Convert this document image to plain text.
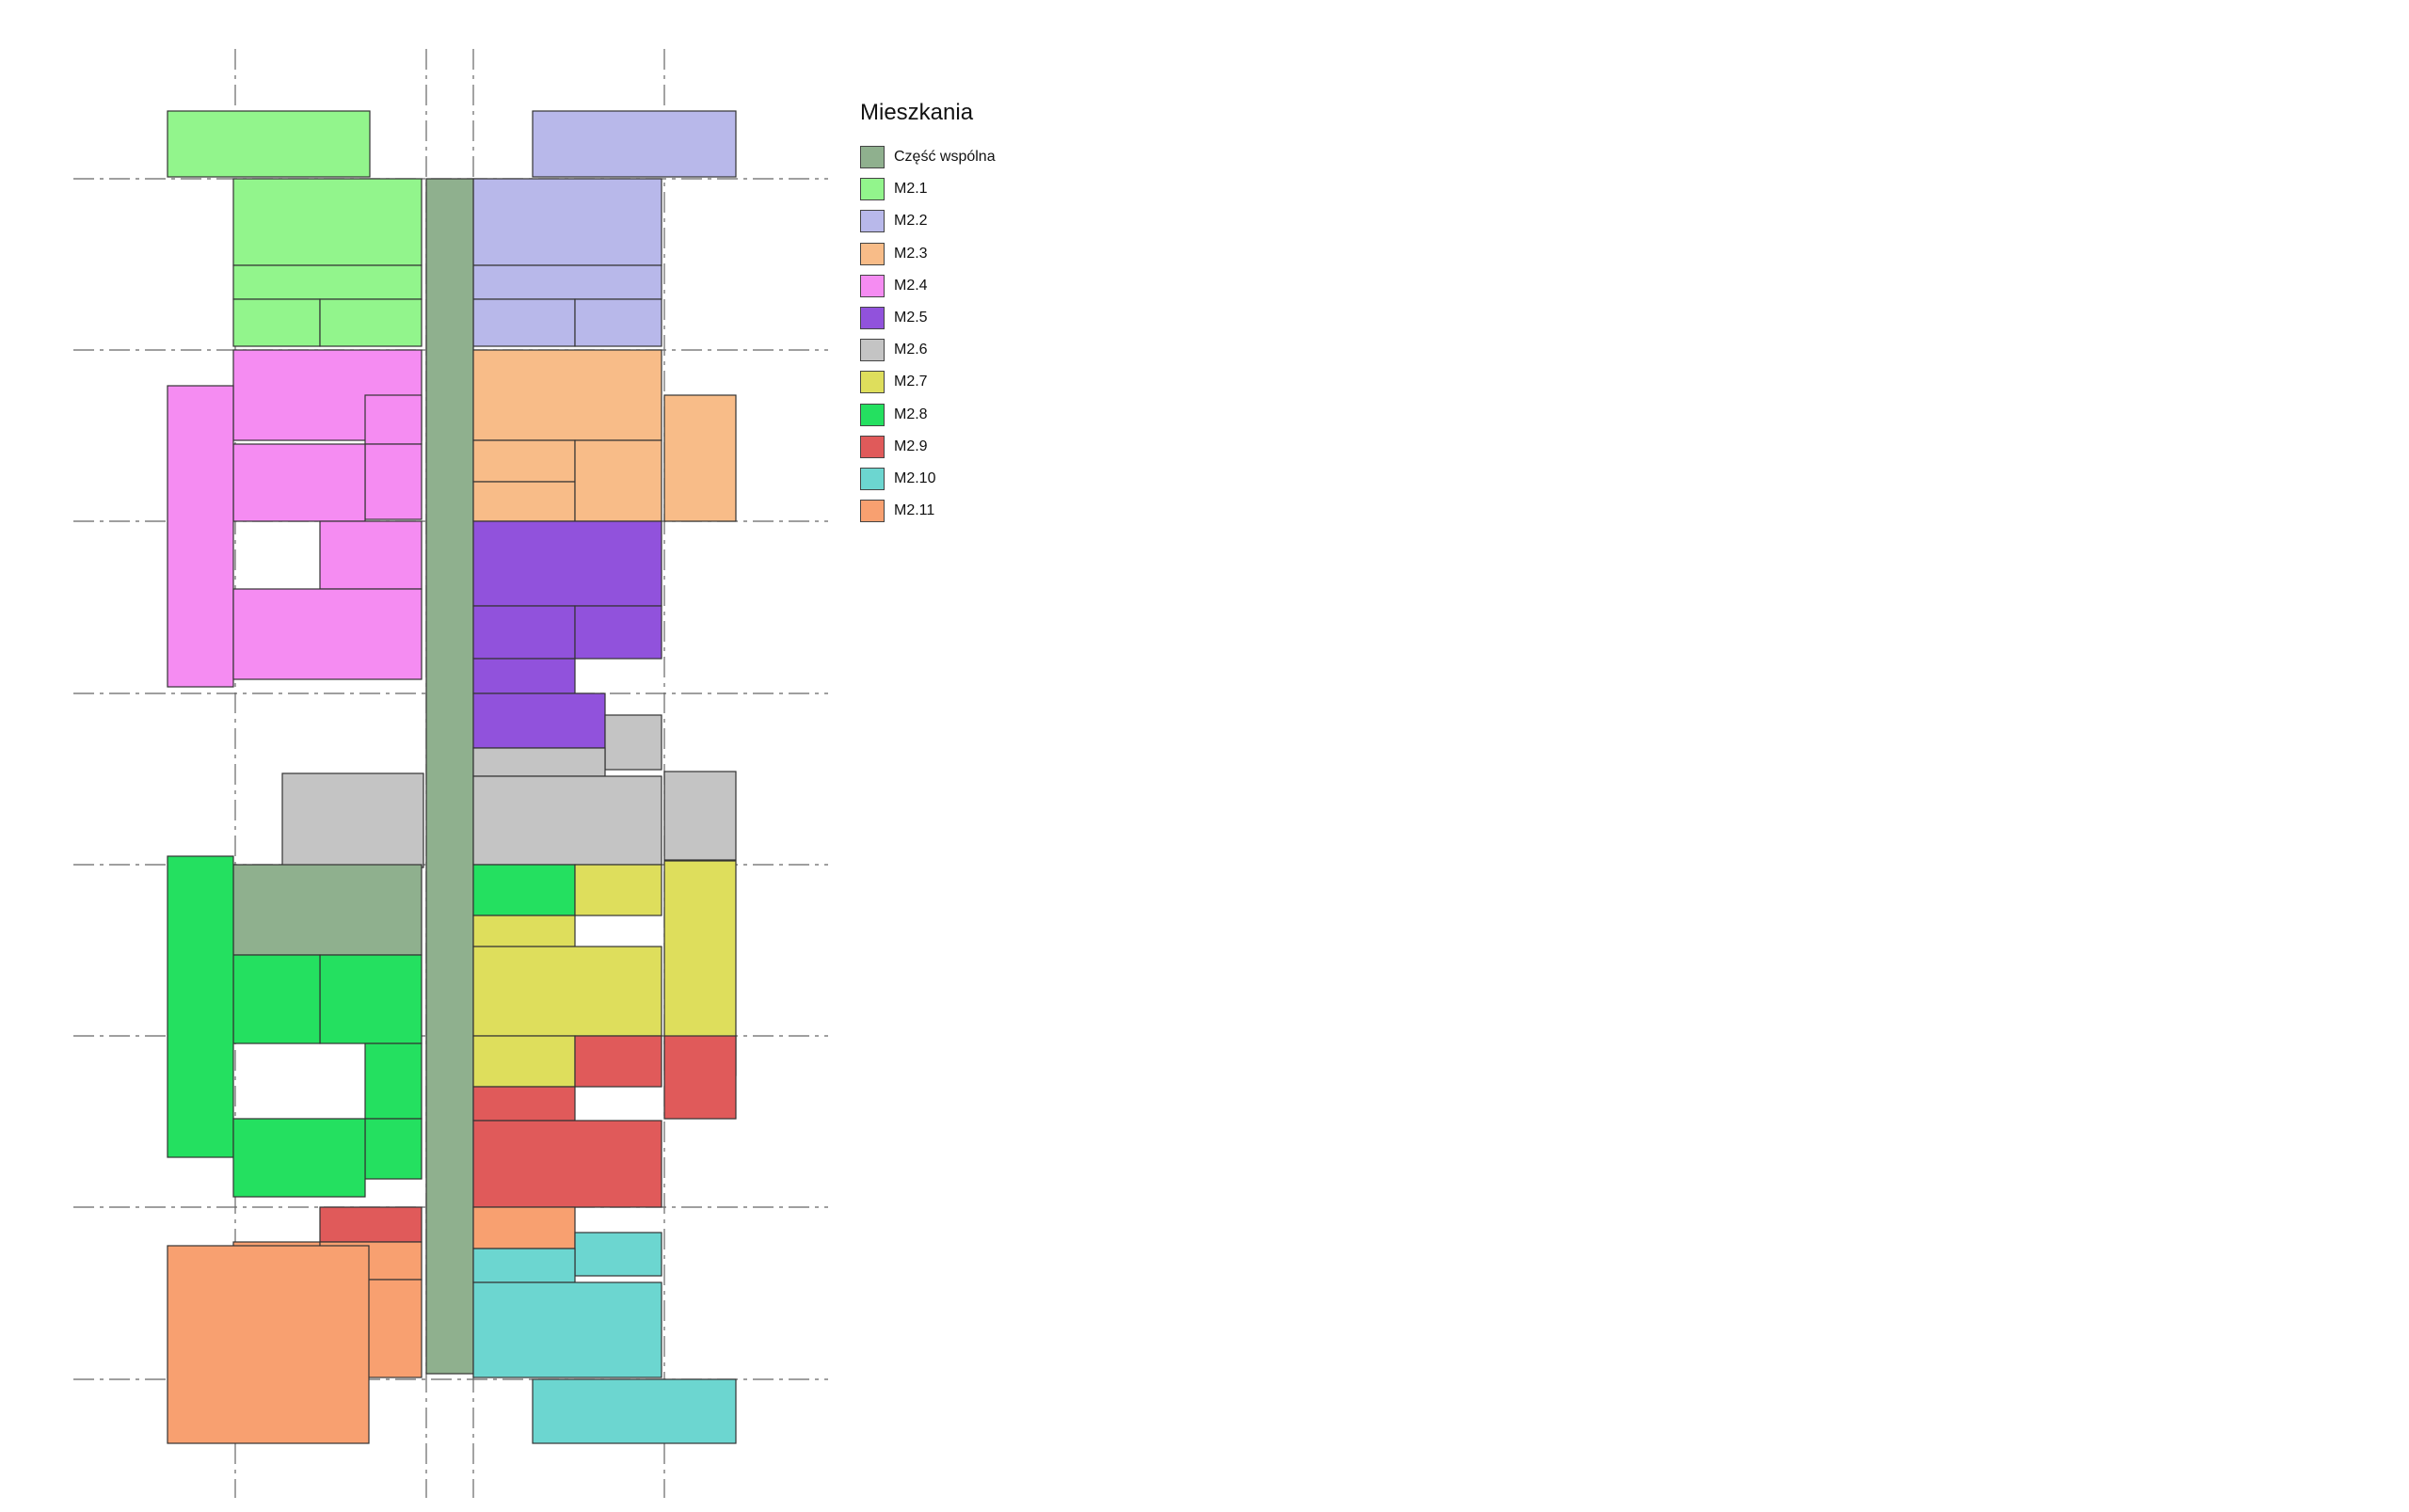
Mieszkania
Część wspólna
M2.1
M2.2
M2.3
M2.4
M2.5
M2.6
M2.7
M2.8
M2.9
M2.10
M2.11
